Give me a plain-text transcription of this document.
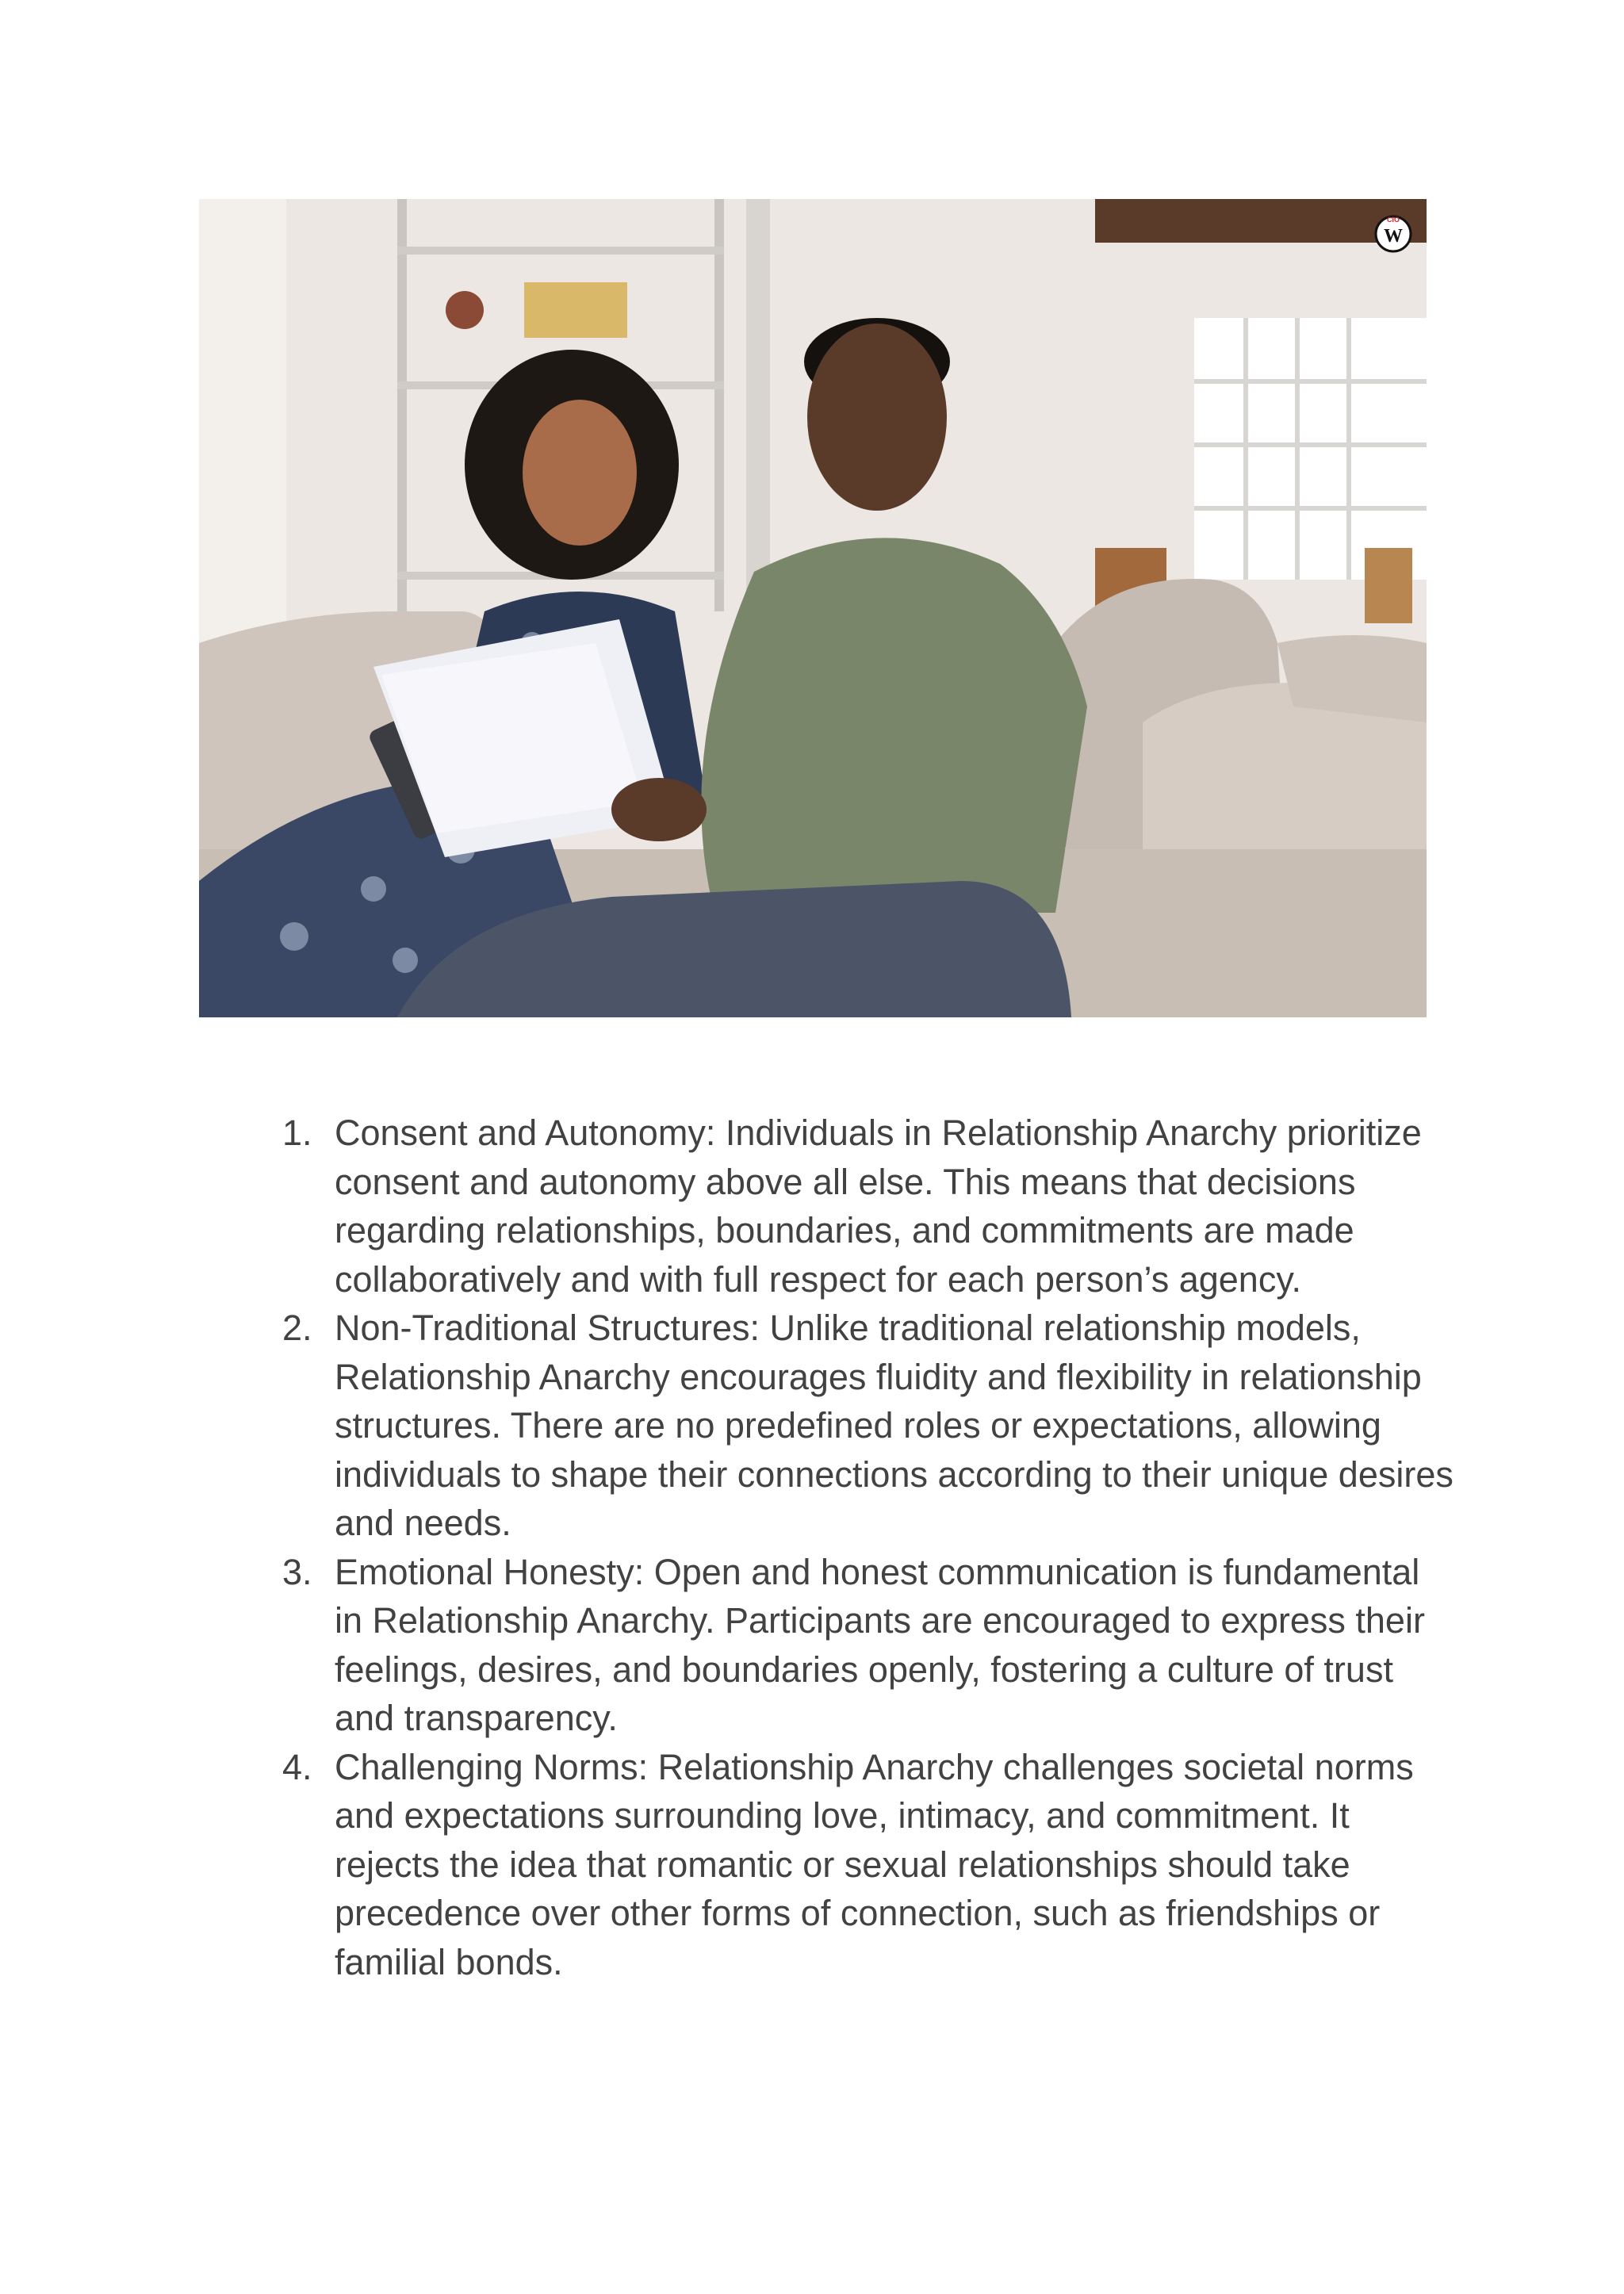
CIO
W
1. Consent and Autonomy: Individuals in Relationship Anarchy prioritize consent and autonomy above all else. This means that decisions regarding relationships, boundaries, and commitments are made collaboratively and with full respect for each person’s agency.
2. Non-Traditional Structures: Unlike traditional relationship models, Relationship Anarchy encourages fluidity and flexibility in relationship structures. There are no predefined roles or expectations, allowing individuals to shape their connections according to their unique desires and needs.
3. Emotional Honesty: Open and honest communication is fundamental in Relationship Anarchy. Participants are encouraged to express their feelings, desires, and boundaries openly, fostering a culture of trust and transparency.
4. Challenging Norms: Relationship Anarchy challenges societal norms and expectations surrounding love, intimacy, and commitment. It rejects the idea that romantic or sexual relationships should take precedence over other forms of connection, such as friendships or familial bonds.
